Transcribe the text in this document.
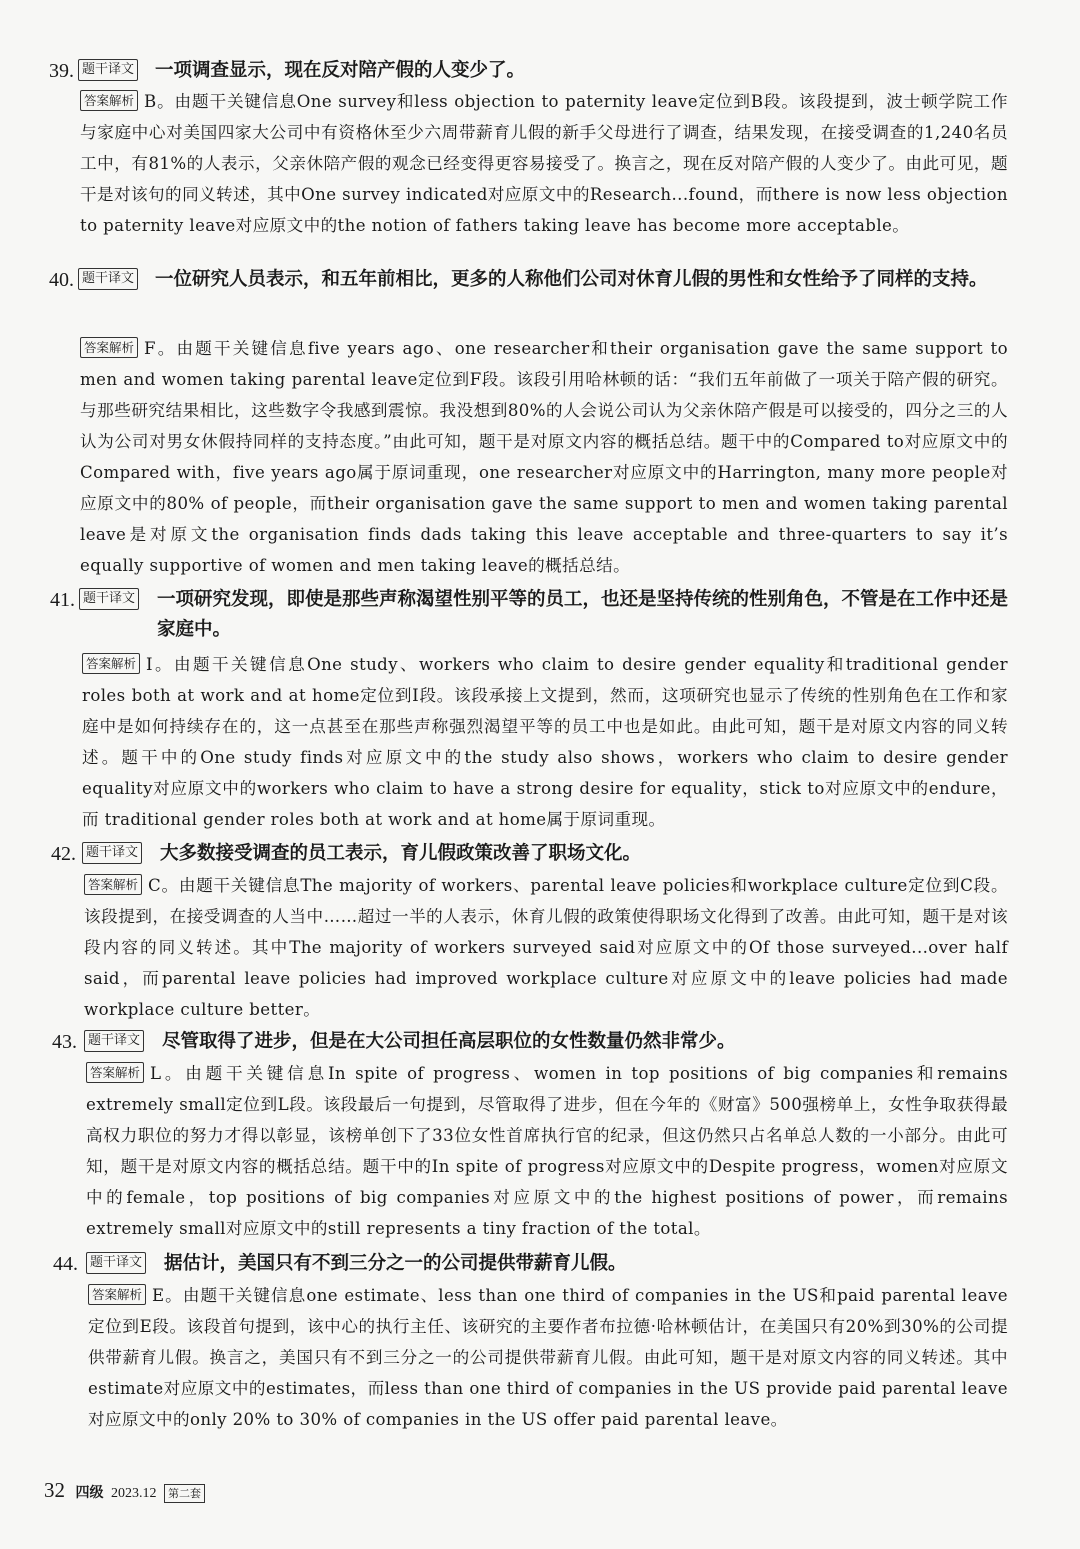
39. 题干译文 一项调查显示，现在反对陪产假的人变少了。
答案解析 B。由题干关键信息One survey和less objection to paternity leave定位到B段。该段提到，波士顿学院工作与家庭中心对美国四家大公司中有资格休至少六周带薪育儿假的新手父母进行了调查，结果发现，在接受调查的1,240名员工中，有81%的人表示，父亲休陪产假的观念已经变得更容易接受了。换言之，现在反对陪产假的人变少了。由此可见，题干是对该句的同义转述，其中One survey indicated对应原文中的Research...found，而there is now less objection to paternity leave对应原文中的the notion of fathers taking leave has become more acceptable。
40. 题干译文 一位研究人员表示，和五年前相比，更多的人称他们公司对休育儿假的男性和女性给予了同样的支持。
答案解析 F。由题干关键信息five years ago、one researcher和their organisation gave the same support to men and women taking parental leave定位到F段。该段引用哈林顿的话：“我们五年前做了一项关于陪产假的研究。与那些研究结果相比，这些数字令我感到震惊。我没想到80%的人会说公司认为父亲休陪产假是可以接受的，四分之三的人认为公司对男女休假持同样的支持态度。”由此可知，题干是对原文内容的概括总结。题干中的Compared to对应原文中的Compared with，five years ago属于原词重现，one researcher对应原文中的Harrington, many more people对应原文中的80% of people，而their organisation gave the same support to men and women taking parental leave是对原文the organisation finds dads taking this leave acceptable and three-quarters to say it’s equally supportive of women and men taking leave的概括总结。
41. 题干译文 一项研究发现，即使是那些声称渴望性别平等的员工，也还是坚持传统的性别角色，不管是在工作中还是家庭中。
答案解析 I。由题干关键信息One study、workers who claim to desire gender equality和traditional gender roles both at work and at home定位到I段。该段承接上文提到，然而，这项研究也显示了传统的性别角色在工作和家庭中是如何持续存在的，这一点甚至在那些声称强烈渴望平等的员工中也是如此。由此可知，题干是对原文内容的同义转述。题干中的One study finds对应原文中的the study also shows，workers who claim to desire gender equality对应原文中的workers who claim to have a strong desire for equality，stick to对应原文中的endure，而 traditional gender roles both at work and at home属于原词重现。
42. 题干译文 大多数接受调查的员工表示，育儿假政策改善了职场文化。
答案解析 C。由题干关键信息The majority of workers、parental leave policies和workplace culture定位到C段。该段提到，在接受调查的人当中……超过一半的人表示，休育儿假的政策使得职场文化得到了改善。由此可知，题干是对该段内容的同义转述。其中The majority of workers surveyed said对应原文中的Of those surveyed...over half said，而parental leave policies had improved workplace culture对应原文中的leave policies had made workplace culture better。
43. 题干译文 尽管取得了进步，但是在大公司担任高层职位的女性数量仍然非常少。
答案解析 L。由题干关键信息In spite of progress、women in top positions of big companies和remains extremely small定位到L段。该段最后一句提到，尽管取得了进步，但在今年的《财富》500强榜单上，女性争取获得最高权力职位的努力才得以彰显，该榜单创下了33位女性首席执行官的纪录，但这仍然只占名单总人数的一小部分。由此可知，题干是对原文内容的概括总结。题干中的In spite of progress对应原文中的Despite progress，women对应原文中的female，top positions of big companies对应原文中的the highest positions of power，而remains extremely small对应原文中的still represents a tiny fraction of the total。
44. 题干译文 据估计，美国只有不到三分之一的公司提供带薪育儿假。
答案解析 E。由题干关键信息one estimate、less than one third of companies in the US和paid parental leave定位到E段。该段首句提到，该中心的执行主任、该研究的主要作者布拉德·哈林顿估计，在美国只有20%到30%的公司提供带薪育儿假。换言之，美国只有不到三分之一的公司提供带薪育儿假。由此可知，题干是对原文内容的同义转述。其中estimate对应原文中的estimates，而less than one third of companies in the US provide paid parental leave对应原文中的only 20% to 30% of companies in the US offer paid parental leave。
32 四级 2023.12 第二套
